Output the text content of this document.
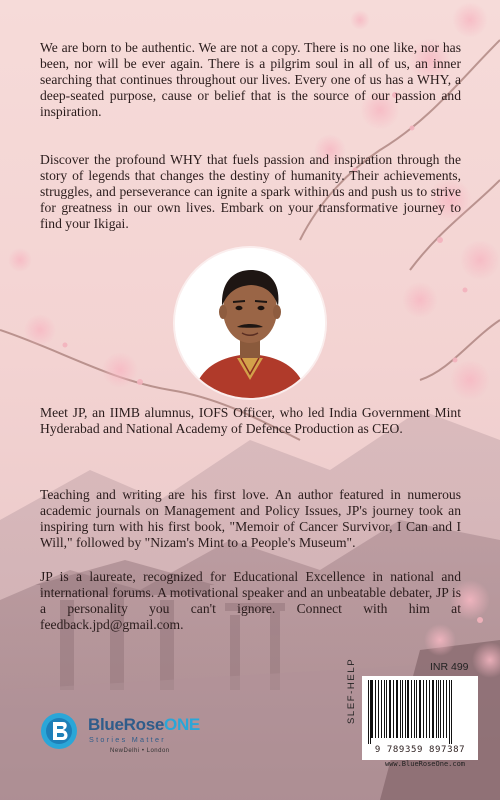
We are born to be authentic. We are not a copy. There is no one like, nor has been, nor will be ever again. There is a pilgrim soul in all of us, an inner searching that continues throughout our lives. Every one of us has a WHY, a deep-seated purpose, cause or belief that is the source of our passion and inspiration.

Discover the profound WHY that fuels passion and inspiration through the story of legends that changes the destiny of humanity. Their achievements, struggles, and perseverance can ignite a spark within us and push us to strive for greatness in our own lives. Embark on your transformative journey to find your Ikigai.

Meet JP, an IIMB alumnus, IOFS Officer, who led India Government Mint Hyderabad and National Academy of Defence Production as CEO.

Teaching and writing are his first love. An author featured in numerous academic journals on Management and Policy Issues, JP's journey took an inspiring turn with his first book, "Memoir of Cancer Survivor, I Can and I Will," followed by "Nizam's Mint to a People's Museum".

JP is a laureate, recognized for Educational Excellence in national and international forums. A motivational speaker and an unbeatable debater, JP is a personality you can't ignore. Connect with him at feedback.jpd@gmail.com.

BlueRoseONE
Stories Matter
NewDelhi • London
INR 499
SLEF-HELP
9 789359 897387
www.BlueRoseOne.com
